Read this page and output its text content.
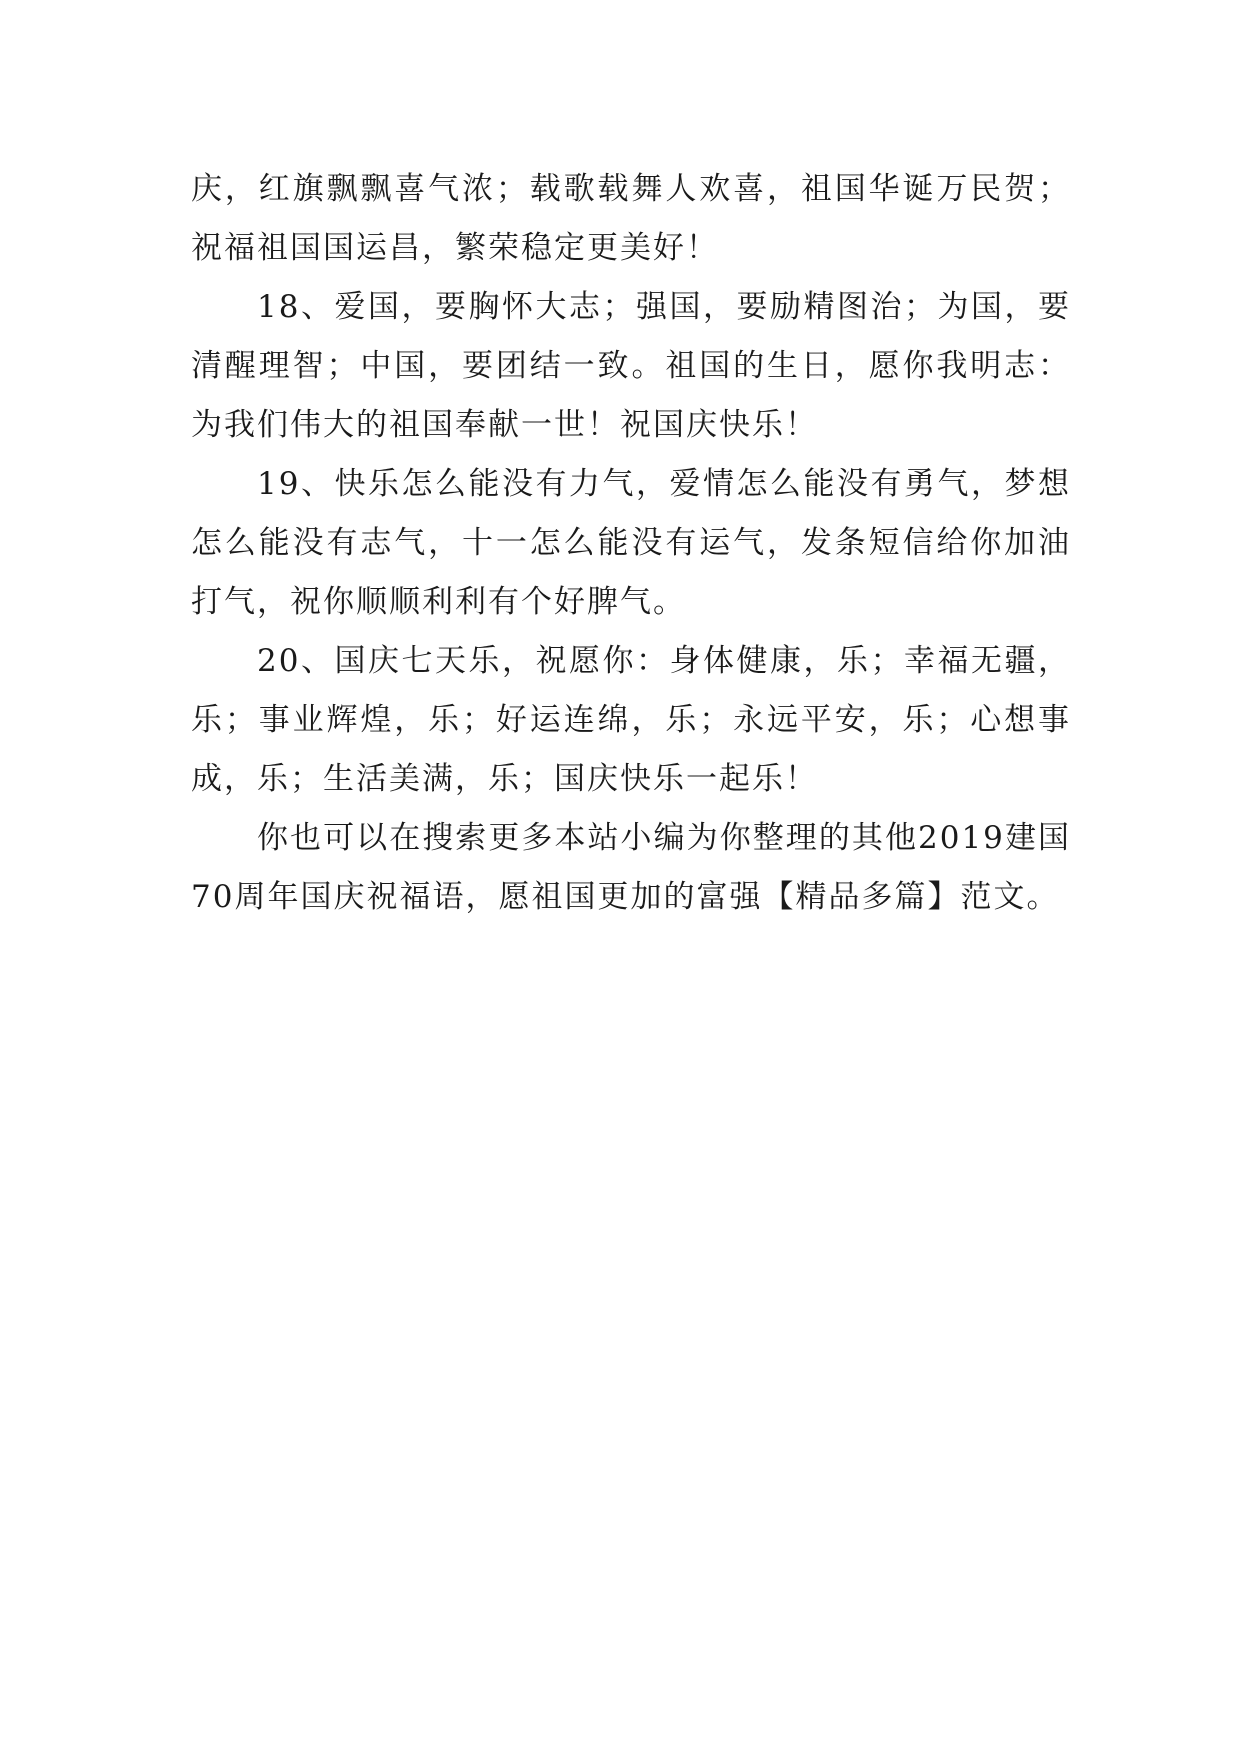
庆，红旗飘飘喜气浓；载歌载舞人欢喜，祖国华诞万民贺；祝福祖国国运昌，繁荣稳定更美好！

18、爱国，要胸怀大志；强国，要励精图治；为国，要清醒理智；中国，要团结一致。祖国的生日，愿你我明志：为我们伟大的祖国奉献一世！祝国庆快乐！

19、快乐怎么能没有力气，爱情怎么能没有勇气，梦想怎么能没有志气，十一怎么能没有运气，发条短信给你加油打气，祝你顺顺利利有个好脾气。

20、国庆七天乐，祝愿你：身体健康，乐；幸福无疆，乐；事业辉煌，乐；好运连绵，乐；永远平安，乐；心想事成，乐；生活美满，乐；国庆快乐一起乐！

你也可以在搜索更多本站小编为你整理的其他2019建国70周年国庆祝福语，愿祖国更加的富强【精品多篇】范文。
